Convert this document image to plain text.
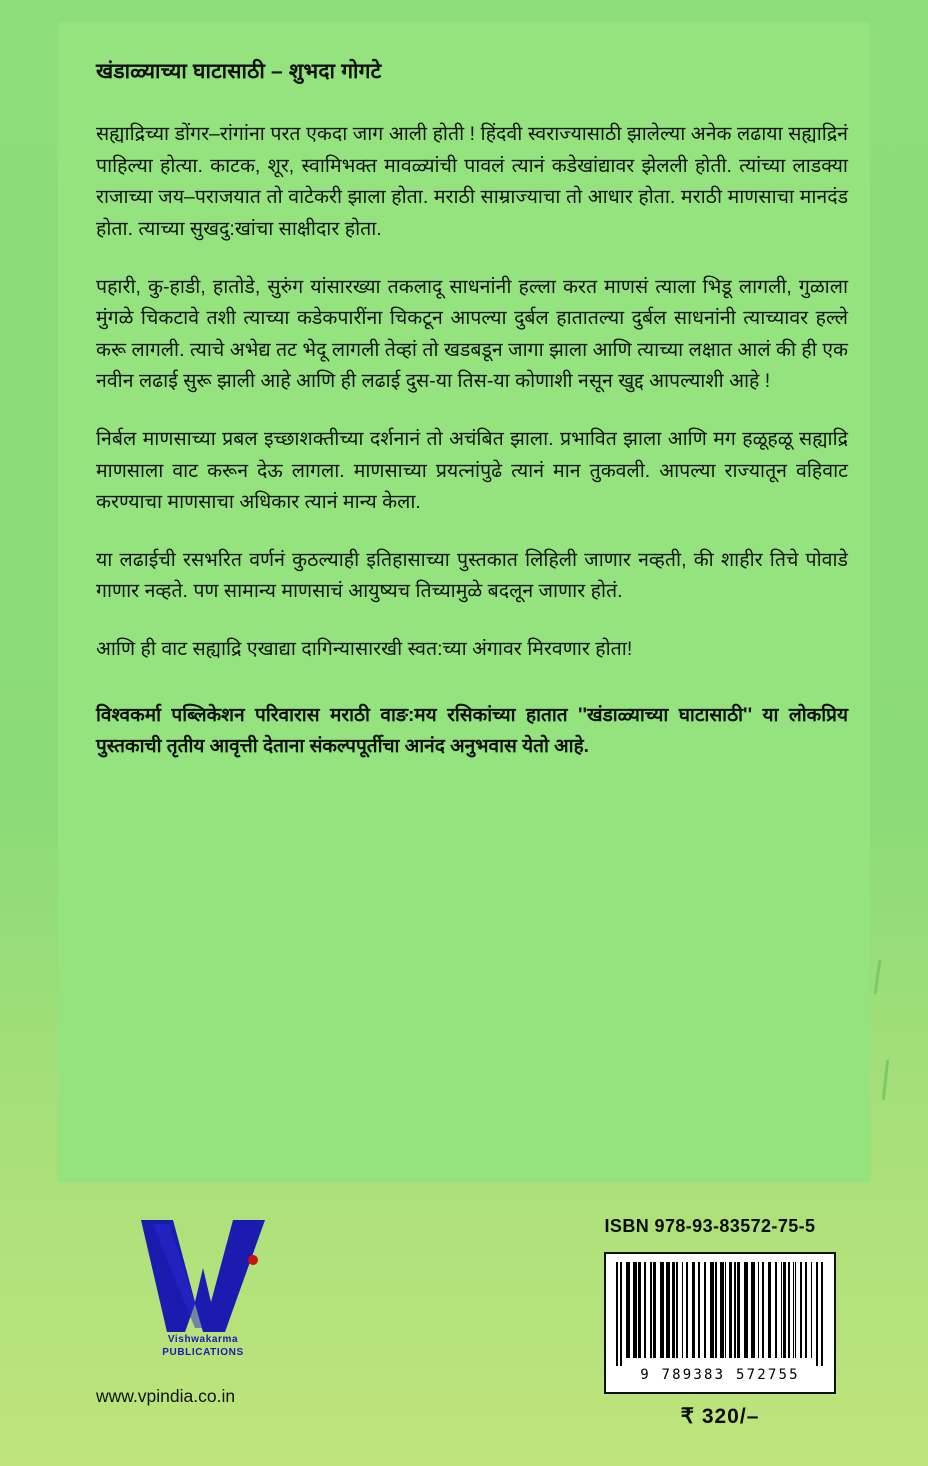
खंडाळ्याच्या घाटासाठी – शुभदा गोगटे

सह्याद्रिच्या डोंगर–रांगांना परत एकदा जाग आली होती ! हिंदवी स्वराज्यासाठी झालेल्या अनेक लढाया सह्याद्रिनं पाहिल्या होत्या. काटक, शूर, स्वामिभक्त मावळ्यांची पावलं त्यानं कडेखांद्यावर झेलली होती. त्यांच्या लाडक्या राजाच्या जय–पराजयात तो वाटेकरी झाला होता. मराठी साम्राज्याचा तो आधार होता. मराठी माणसाचा मानदंड होता. त्याच्या सुखदु:खांचा साक्षीदार होता.

पहारी, कु-हाडी, हातोडे, सुरुंग यांसारख्या तकलादू साधनांनी हल्ला करत माणसं त्याला भिडू लागली, गुळाला मुंगळे चिकटावे तशी त्याच्या कडेकपारींना चिकटून आपल्या दुर्बल हातातल्या दुर्बल साधनांनी त्याच्यावर हल्ले करू लागली. त्याचे अभेद्य तट भेदू लागली तेव्हां तो खडबडून जागा झाला आणि त्याच्या लक्षात आलं की ही एक नवीन लढाई सुरू झाली आहे आणि ही लढाई दुस-या तिस-या कोणाशी नसून खुद्द आपल्याशी आहे !

निर्बल माणसाच्या प्रबल इच्छाशक्तीच्या दर्शनानं तो अचंबित झाला. प्रभावित झाला आणि मग हळूहळू सह्याद्रि माणसाला वाट करून देऊ लागला. माणसाच्या प्रयत्नांपुढे त्यानं मान तुकवली. आपल्या राज्यातून वहिवाट करण्याचा माणसाचा अधिकार त्यानं मान्य केला.

या लढाईची रसभरित वर्णनं कुठल्याही इतिहासाच्या पुस्तकात लिहिली जाणार नव्हती, की शाहीर तिचे पोवाडे गाणार नव्हते. पण सामान्य माणसाचं आयुष्यच तिच्यामुळे बदलून जाणार होतं.

आणि ही वाट सह्याद्रि एखाद्या दागिन्यासारखी स्वत:च्या अंगावर मिरवणार होता!

विश्वकर्मा पब्लिकेशन परिवारास मराठी वाङ:मय रसिकांच्या हातात ''खंडाळ्याच्या घाटासाठी'' या लोकप्रिय पुस्तकाची तृतीय आवृत्ती देताना संकल्पपूर्तीचा आनंद अनुभवास येतो आहे.

Vishwakarma
PUBLICATIONS
www.vpindia.co.in
ISBN 978-93-83572-75-5
9 789383 572755
₹ 320/–
